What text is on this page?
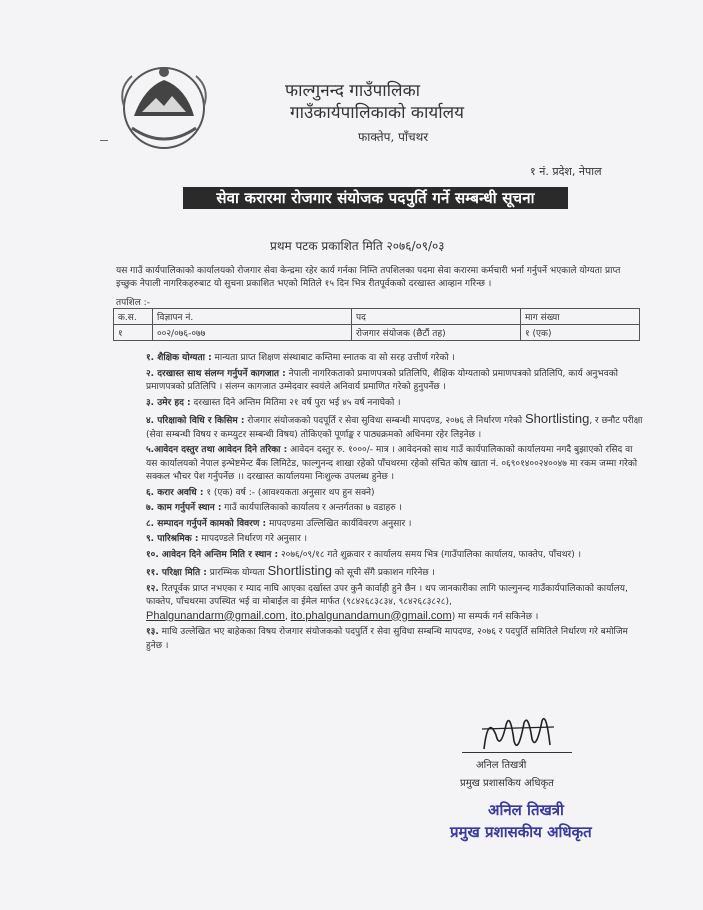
फाल्गुनन्द गाउँपालिका
गाउँकार्यपालिकाको कार्यालय
फाक्तेप, पाँचथर
१ नं. प्रदेश, नेपाल
सेवा करारमा रोजगार संयोजक पदपुर्ति गर्ने सम्बन्धी सूचना
प्रथम पटक प्रकाशित मिति २०७६/०९/०३
यस गाउँ कार्यपालिकाको कार्यालयको रोजगार सेवा केन्द्रमा रहेर कार्य गर्नका निम्ति तपशिलका पदमा सेवा करारमा कर्मचारी भर्ना गर्नुपर्ने भएकाले योग्यता प्राप्त इच्छुक नेपाली नागरिकहरुबाट यो सुचना प्रकाशित भएको मितिले १५ दिन भित्र रीतपूर्वकको दरखास्त आव्हान गरिन्छ ।
तपशिल :-
क.स.	विज्ञापन नं.	पद	माग संख्या
१	००२/०७६-०७७	रोजगार संयोजक (छैटौं तह)	१ (एक)

१. शैक्षिक योग्यता : मान्यता प्राप्त शिक्षण संस्थाबाट कम्तिमा स्नातक वा सो सरह उत्तीर्ण गरेको ।

२. दरखास्त साथ संलग्न गर्नुपर्ने कागजात : नेपाली नागरिकताको प्रमाणपत्रको प्रतिलिपि, शैक्षिक योग्यताको प्रमाणपत्रको प्रतिलिपि, कार्य अनुभवको प्रमाणपत्रको प्रतिलिपि । संलग्न कागजात उम्मेदवार स्वयंले अनिवार्य प्रमाणित गरेको हुनुपर्नेछ ।

३. उमेर हद : दरखास्त दिने अन्तिम मितिमा २१ वर्ष पुरा भई ४५ वर्ष ननाघेको ।

४. परिक्षाको विधि र किसिम : रोजगार संयोजकको पदपूर्ति र सेवा सुविधा सम्बन्धी मापदण्ड, २०७६ ले निर्धारण गरेको Shortlisting, र छनौट परीक्षा (सेवा सम्बन्धी विषय र कम्प्युटर सम्बन्धी विषय) तोकिएको पूर्णाङ्क र पाठ्यक्रमको अधिनमा रहेर लिइनेछ ।

५.आवेदन दस्तुर तथा आवेदन दिने तरिका : आवेदन दस्तुर रु. १०००/- मात्र । आवेदनको साथ गाउँ कार्यपालिकाको कार्यालयमा नगदै बुझाएको रसिद वा यस कार्यालयको नेपाल इन्भेष्टमेन्ट बैंक लिमिटेड, फाल्गुनन्द शाखा रहेको पाँचथरमा रहेको संचित कोष खाता नं. ०६९०१४००२४००४७ मा रकम जम्मा गरेको सक्कल भौचर पेश गर्नुपर्नेछ ।। दरखास्त कार्यालयमा निःशुल्क उपलब्ध हुनेछ ।

६. करार अवधि : १ (एक) वर्ष :- (आवश्यकता अनुसार थप हुन सक्ने)

७. काम गर्नुपर्ने स्थान : गाउँ कार्यपालिकाको कार्यालय र अन्तर्गतका ७ वडाहरु ।

८. सम्पादन गर्नुपर्ने कामको विवरण : मापदण्डमा उल्लिखित कार्यविवरण अनुसार ।

९. पारिश्रमिक : मापदण्डले निर्धारण गरे अनुसार ।

१०. आवेदन दिने अन्तिम मिति र स्थान : २०७६/०९/१८ गते शुक्रवार र कार्यालय समय भित्र (गाउँपालिका कार्यालय, फाक्तेप, पाँचथर) ।

११. परिक्षा मिति : प्रारम्भिक योग्यता Shortlisting को सूची सँगै प्रकाशन गरिनेछ ।

१२. रितपूर्वक प्राप्त नभएका र म्याद नाघि आएका दर्खास्त उपर कुनै कार्वाही हुने छैन । थप जानकारीका लागि फाल्गुनन्द गाउँकार्यपालिकाको कार्यालय, फाक्तेप, पाँचथरमा उपस्थित भई वा मोबाईल वा ईमेल मार्फत (९८४२६८३८३४, ९८४२६८३८२८),
Phalgunandarm@gmail.com, ito.phalgunandamun@gmail.com) मा सम्पर्क गर्न सकिनेछ ।

१३. माथि उल्लेखित भए बाहेकका विषय रोजगार संयोजकको पदपुर्ति र सेवा सुविधा सम्बन्धि मापदण्ड, २०७६ र पदपुर्ति समितिले निर्धारण गरे बमोजिम हुनेछ ।

अनिल तिखत्री
प्रमुख प्रशासकिय अधिकृत
अनिल तिखत्री
प्रमुख प्रशासकीय अधिकृत
